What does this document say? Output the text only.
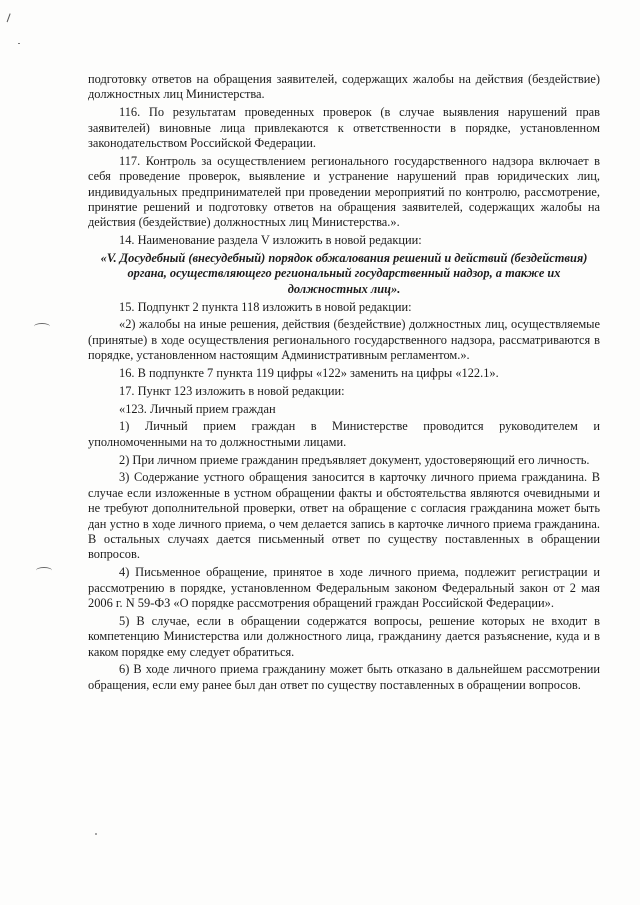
подготовку ответов на обращения заявителей, содержащих жалобы на действия (бездействие) должностных лиц Министерства.

116. По результатам проведенных проверок (в случае выявления нарушений прав заявителей) виновные лица привлекаются к ответственности в порядке, установленном законодательством Российской Федерации.

117. Контроль за осуществлением регионального государственного надзора включает в себя проведение проверок, выявление и устранение нарушений прав юридических лиц, индивидуальных предпринимателей при проведении мероприятий по контролю, рассмотрение, принятие решений и подготовку ответов на обращения заявителей, содержащих жалобы на действия (бездействие) должностных лиц Министерства.».

14. Наименование раздела V изложить в новой редакции:

«V. Досудебный (внесудебный) порядок обжалования решений и действий (бездействия) органа, осуществляющего региональный государственный надзор, а также их должностных лиц».

15. Подпункт 2 пункта 118 изложить в новой редакции:

«2) жалобы на иные решения, действия (бездействие) должностных лиц, осуществляемые (принятые) в ходе осуществления регионального государственного надзора, рассматриваются в порядке, установленном настоящим Административным регламентом.».

16. В подпункте 7 пункта 119 цифры «122» заменить на цифры «122.1».

17. Пункт 123 изложить в новой редакции:

«123. Личный прием граждан

1) Личный прием граждан в Министерстве проводится руководителем и уполномоченными на то должностными лицами.

2) При личном приеме гражданин предъявляет документ, удостоверяющий его личность.

3) Содержание устного обращения заносится в карточку личного приема гражданина. В случае если изложенные в устном обращении факты и обстоятельства являются очевидными и не требуют дополнительной проверки, ответ на обращение с согласия гражданина может быть дан устно в ходе личного приема, о чем делается запись в карточке личного приема гражданина. В остальных случаях дается письменный ответ по существу поставленных в обращении вопросов.

4) Письменное обращение, принятое в ходе личного приема, подлежит регистрации и рассмотрению в порядке, установленном Федеральным законом Федеральный закон от 2 мая 2006 г. N 59-ФЗ «О порядке рассмотрения обращений граждан Российской Федерации».

5) В случае, если в обращении содержатся вопросы, решение которых не входит в компетенцию Министерства или должностного лица, гражданину дается разъяснение, куда и в каком порядке ему следует обратиться.

6) В ходе личного приема гражданину может быть отказано в дальнейшем рассмотрении обращения, если ему ранее был дан ответ по существу поставленных в обращении вопросов.
